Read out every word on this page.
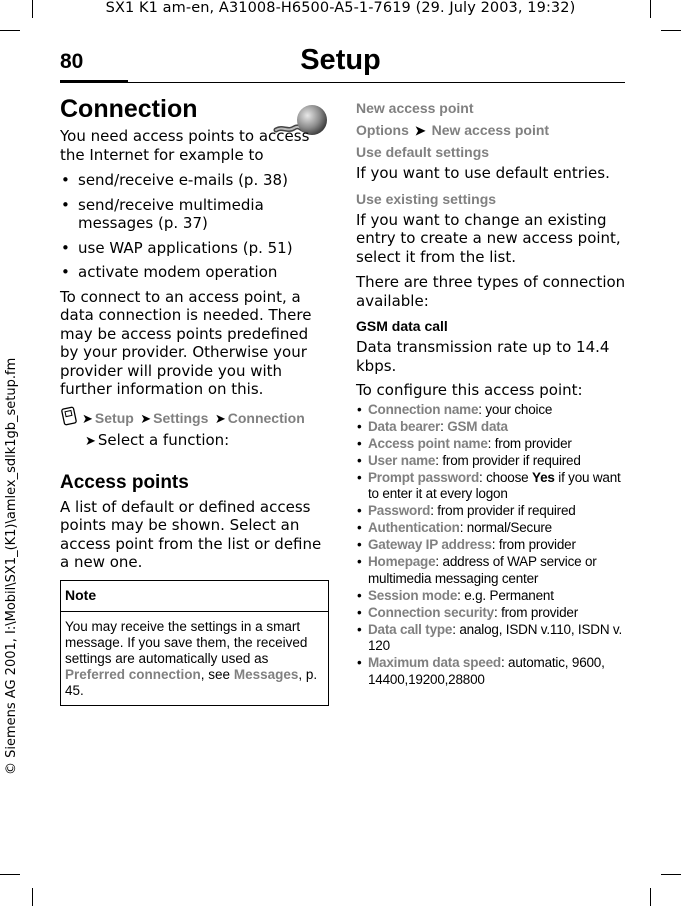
SX1 K1 am-en, A31008-H6500-A5-1-7619 (29. July 2003, 19:32)
© Siemens AG 2001, I:\Mobil\SX1_(K1)\amlex_sdlk1gb_setup.fm
80	Setup
Connection

You need access points to access the Internet for example to

• send/receive e-mails (p. 38)
• send/receive multimedia messages (p. 37)
• use WAP applications (p. 51)
• activate modem operation

To connect to an access point, a data connection is needed. There may be access points predefined by your provider. Otherwise your provider will provide you with further information on this.

➤ Setup ➤ Settings ➤ Connection
➤ Select a function:
Access points

A list of default or defined access points may be shown. Select an access point from the list or define a new one.

Note
You may receive the settings in a smart message. If you save them, the received settings are automatically used as Preferred connection, see Messages, p. 45.
New access point
Options ➤ New access point
Use default settings

If you want to use default entries.

Use existing settings

If you want to change an existing entry to create a new access point, select it from the list.

There are three types of connection available:

GSM data call

Data transmission rate up to 14.4 kbps.

To configure this access point:

• Connection name: your choice
• Data bearer: GSM data
• Access point name: from provider
• User name: from provider if required
• Prompt password: choose Yes if you want to enter it at every logon
• Password: from provider if required
• Authentication: normal/Secure
• Gateway IP address: from provider
• Homepage: address of WAP service or multimedia messaging center
• Session mode: e.g. Permanent
• Connection security: from provider
• Data call type: analog, ISDN v.110, ISDN v. 120
• Maximum data speed: automatic, 9600, 14400,19200,28800
